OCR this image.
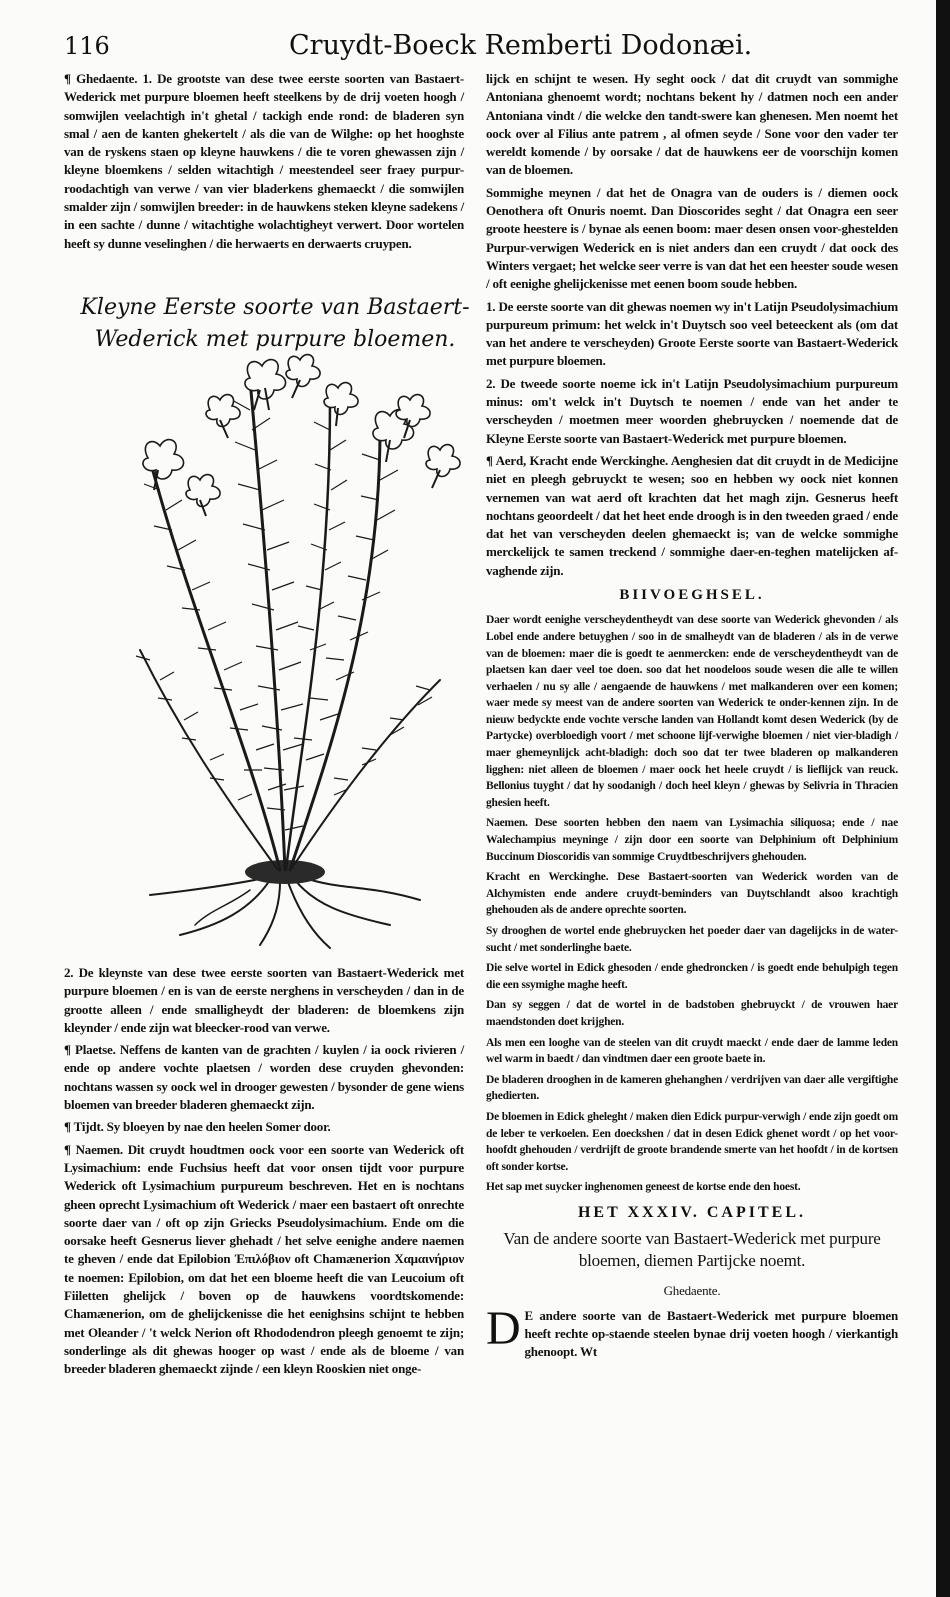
116	Cruydt-Boeck Remberti Dodonæi.

¶ Ghedaente. 1. De grootste van dese twee eerste soorten van Bastaert-Wederick met purpure bloemen heeft steelkens by de drij voeten hoogh / somwijlen veelachtigh in't ghetal / tackigh ende rond: de bladeren syn smal / aen de kanten ghekertelt / als die van de Wilghe: op het hooghste van de ryskens staen op kleyne hauwkens / die te voren ghewassen zijn / kleyne bloemkens / selden witachtigh / meestendeel seer fraey purpur-roodachtigh van verwe / van vier bladerkens ghemaeckt / die somwijlen smalder zijn / somwijlen breeder: in de hauwkens steken kleyne sadekens / in een sachte / dunne / witachtighe wolachtigheyt verwert. Door wortelen heeft sy dunne veselinghen / die herwaerts en derwaerts cruypen.

Kleyne Eerste soorte van Bastaert-
Wederick met purpure bloemen.

2. De kleynste van dese twee eerste soorten van Bastaert-Wederick met purpure bloemen / en is van de eerste nerghens in verscheyden / dan in de grootte alleen / ende smalligheydt der bladeren: de bloemkens zijn kleynder / ende zijn wat bleecker-rood van verwe.

¶ Plaetse. Neffens de kanten van de grachten / kuylen / ia oock rivieren / ende op andere vochte plaetsen / worden dese cruyden ghevonden: nochtans wassen sy oock wel in drooger gewesten / bysonder de gene wiens bloemen van breeder bladeren ghemaeckt zijn.

¶ Tijdt. Sy bloeyen by nae den heelen Somer door.

¶ Naemen. Dit cruydt houdtmen oock voor een soorte van Wederick oft Lysimachium: ende Fuchsius heeft dat voor onsen tijdt voor purpure Wederick oft Lysimachium purpureum beschreven. Het en is nochtans gheen oprecht Lysimachium oft Wederick / maer een bastaert oft onrechte soorte daer van / oft op zijn Griecks Pseudolysimachium. Ende om die oorsake heeft Gesnerus liever ghehadt / het selve eenighe andere naemen te gheven / ende dat Epilobion Ἐπιλόβιον oft Chamænerion Χαμαινήριον te noemen: Epilobion, om dat het een bloeme heeft die van Leucoium oft Fiiletten ghelijck / boven op de hauwkens voordtskomende: Chamænerion, om de ghelijckenisse die het eenighsins schijnt te hebben met Oleander / 't welck Nerion oft Rhododendron pleegh genoemt te zijn; sonderlinge als dit ghewas hooger op wast / ende als de bloeme / van breeder bladeren ghemaeckt zijnde / een kleyn Rooskien niet onge-

lijck en schijnt te wesen. Hy seght oock / dat dit cruydt van sommighe Antoniana ghenoemt wordt; nochtans bekent hy / datmen noch een ander Antoniana vindt / die welcke den tandt-swere kan ghenesen. Men noemt het oock over al Filius ante patrem , al ofmen seyde / Sone voor den vader ter wereldt komende / by oorsake / dat de hauwkens eer de voorschijn komen van de bloemen.

Sommighe meynen / dat het de Onagra van de ouders is / diemen oock Oenothera oft Onuris noemt. Dan Dioscorides seght / dat Onagra een seer groote heestere is / bynae als eenen boom: maer desen onsen voor-ghestelden Purpur-verwigen Wederick en is niet anders dan een cruydt / dat oock des Winters vergaet; het welcke seer verre is van dat het een heester soude wesen / oft eenighe ghelijckenisse met eenen boom soude hebben.

1. De eerste soorte van dit ghewas noemen wy in't Latijn Pseudolysimachium purpureum primum: het welck in't Duytsch soo veel beteeckent als (om dat van het andere te verscheyden) Groote Eerste soorte van Bastaert-Wederick met purpure bloemen.

2. De tweede soorte noeme ick in't Latijn Pseudolysimachium purpureum minus: om't welck in't Duytsch te noemen / ende van het ander te verscheyden / moetmen meer woorden ghebruycken / noemende dat de Kleyne Eerste soorte van Bastaert-Wederick met purpure bloemen.

¶ Aerd, Kracht ende Werckinghe. Aenghesien dat dit cruydt in de Medicijne niet en pleegh gebruyckt te wesen; soo en hebben wy oock niet konnen vernemen van wat aerd oft krachten dat het magh zijn. Gesnerus heeft nochtans geoordeelt / dat het heet ende droogh is in den tweeden graed / ende dat het van verscheyden deelen ghemaeckt is; van de welcke sommighe merckelijck te samen treckend / sommighe daer-en-teghen matelijcken af-vaghende zijn.

BIIVOEGHSEL.

Daer wordt eenighe verscheydentheydt van dese soorte van Wederick ghevonden / als Lobel ende andere betuyghen / soo in de smalheydt van de bladeren / als in de verwe van de bloemen: maer die is goedt te aenmercken: ende de verscheydentheydt van de plaetsen kan daer veel toe doen. soo dat het noodeloos soude wesen die alle te willen verhaelen / nu sy alle / aengaende de hauwkens / met malkanderen over een komen; waer mede sy meest van de andere soorten van Wederick te onder-kennen zijn. In de nieuw bedyckte ende vochte versche landen van Hollandt komt desen Wederick (by de Partycke) overbloedigh voort / met schoone lijf-verwighe bloemen / niet vier-bladigh / maer ghemeynlijck acht-bladigh: doch soo dat ter twee bladeren op malkanderen ligghen: niet alleen de bloemen / maer oock het heele cruydt / is lieflijck van reuck. Bellonius tuyght / dat hy soodanigh / doch heel kleyn / ghewas by Selivria in Thracien ghesien heeft.

Naemen. Dese soorten hebben den naem van Lysimachia siliquosa; ende / nae Walechampius meyninge / zijn door een soorte van Delphinium oft Delphinium Buccinum Dioscoridis van sommige Cruydtbeschrijvers ghehouden.

Kracht en Werckinghe. Dese Bastaert-soorten van Wederick worden van de Alchymisten ende andere cruydt-beminders van Duytschlandt alsoo krachtigh ghehouden als de andere oprechte soorten.

Sy drooghen de wortel ende ghebruycken het poeder daer van dagelijcks in de water-sucht / met sonderlinghe baete.

Die selve wortel in Edick ghesoden / ende ghedroncken / is goedt ende behulpigh tegen die een ssymighe maghe heeft.

Dan sy seggen / dat de wortel in de badstoben ghebruyckt / de vrouwen haer maendstonden doet krijghen.

Als men een looghe van de steelen van dit cruydt maeckt / ende daer de lamme leden wel warm in baedt / dan vindtmen daer een groote baete in.

De bladeren drooghen in de kameren ghehanghen / verdrijven van daer alle vergiftighe ghedierten.

De bloemen in Edick gheleght / maken dien Edick purpur-verwigh / ende zijn goedt om de leber te verkoelen. Een doeckshen / dat in desen Edick ghenet wordt / op het voor-hoofdt ghehouden / verdrijft de groote brandende smerte van het hoofdt / in de kortsen oft sonder kortse.

Het sap met suycker inghenomen geneest de kortse ende den hoest.

HET XXXIV. CAPITEL.
Van de andere soorte van Bastaert-Wederick met purpure bloemen, diemen Partijcke noemt.
Ghedaente.

D E andere soorte van de Bastaert-Wederick met purpure bloemen heeft rechte op-staende steelen bynae drij voeten hoogh / vierkantigh ghenoopt. Wt
